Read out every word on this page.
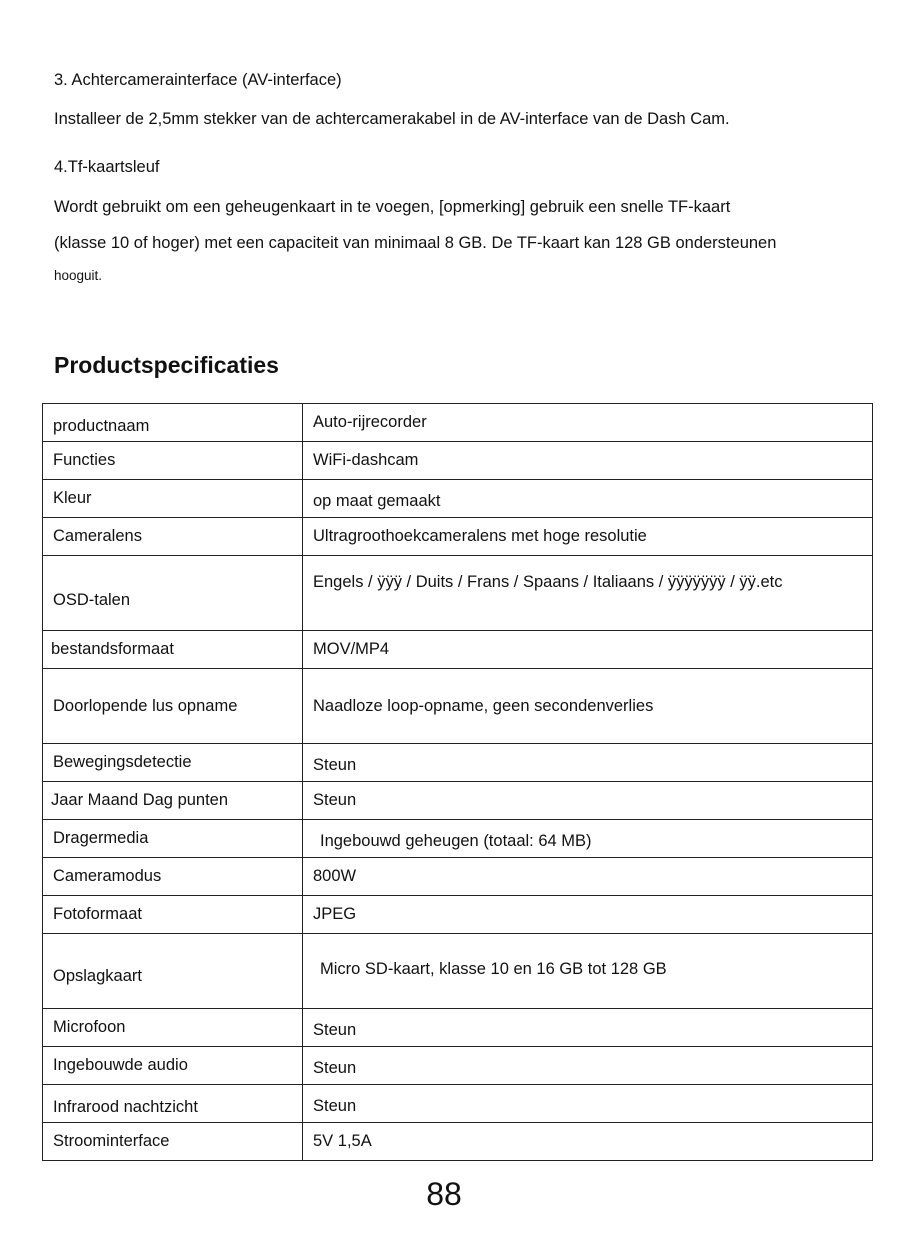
3. Achtercamerainterface (AV-interface)
Installeer de 2,5mm stekker van de achtercamerakabel in de AV-interface van de Dash Cam.
4.Tf-kaartsleuf
Wordt gebruikt om een geheugenkaart in te voegen, [opmerking] gebruik een snelle TF-kaart
(klasse 10 of hoger) met een capaciteit van minimaal 8 GB. De TF-kaart kan 128 GB ondersteunen
hooguit.
Productspecificaties
productnaam	Auto-rijrecorder
Functies	WiFi-dashcam
Kleur	op maat gemaakt
Cameralens	Ultragroothoekcameralens met hoge resolutie
OSD-talen	Engels / ÿÿÿ / Duits / Frans / Spaans / Italiaans / ÿÿÿÿÿÿÿ / ÿÿ.etc
bestandsformaat	MOV/MP4
Doorlopende lus opname	Naadloze loop-opname, geen secondenverlies
Bewegingsdetectie	Steun
Jaar Maand Dag punten	Steun
Dragermedia	Ingebouwd geheugen (totaal: 64 MB)
Cameramodus	800W
Fotoformaat	JPEG
Opslagkaart	Micro SD-kaart, klasse 10 en 16 GB tot 128 GB
Microfoon	Steun
Ingebouwde audio	Steun
Infrarood nachtzicht	Steun
Stroominterface	5V 1,5A
88
